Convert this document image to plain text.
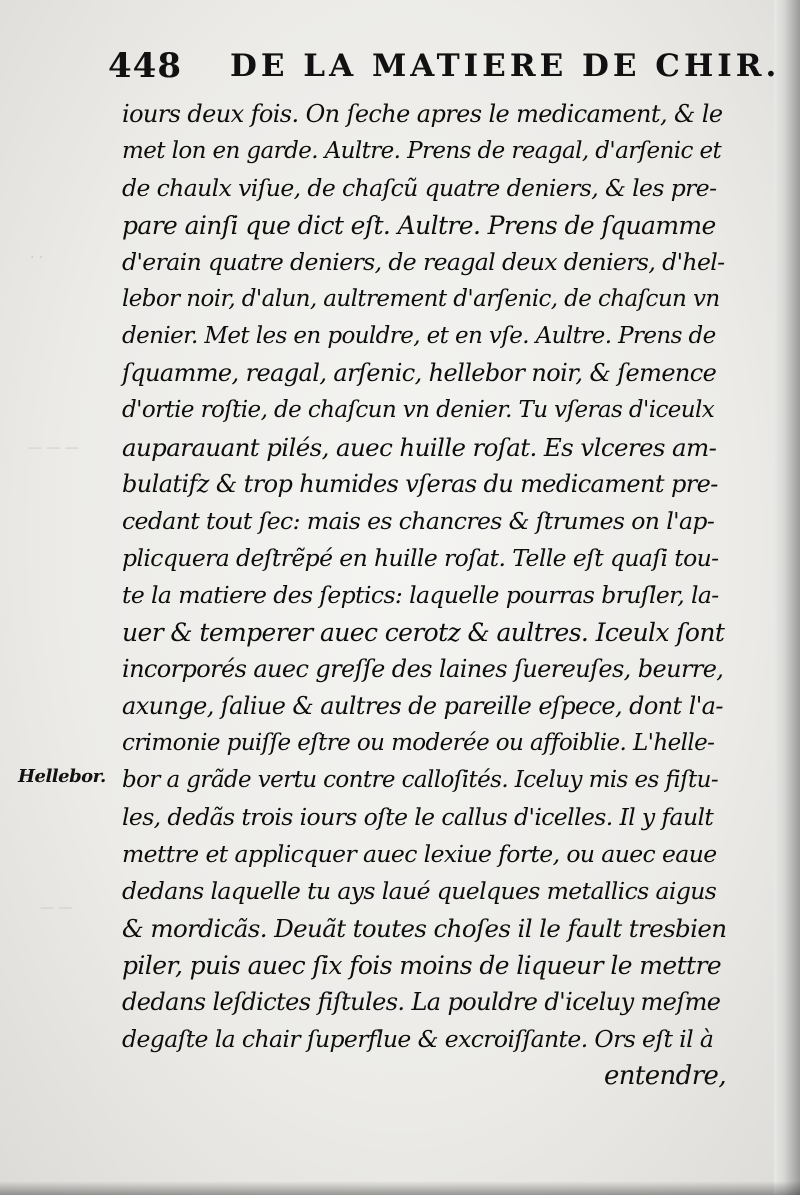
· ·
— — —
— —
448 DE LA MATIERE DE CHIR.
Hellebor.
iours deux fois. On ſeche apres le medicament, & le
met lon en garde. Aultre. Prens de reagal, d'arſenic et
de chaulx viſue, de chaſcũ quatre deniers, & les pre-
pare ainſi que dict eſt. Aultre. Prens de ſquamme
d'erain quatre deniers, de reagal deux deniers, d'hel-
lebor noir, d'alun, aultrement d'arſenic, de chaſcun vn
denier. Met les en pouldre, et en vſe. Aultre. Prens de
ſquamme, reagal, arſenic, hellebor noir, & ſemence
d'ortie roſtie, de chaſcun vn denier. Tu vſeras d'iceulx
auparauant pilés, auec huille roſat. Es vlceres am-
bulatifz & trop humides vſeras du medicament pre-
cedant tout ſec: mais es chancres & ſtrumes on l'ap-
plicquera deſtrẽpé en huille roſat. Telle eſt quaſi tou-
te la matiere des ſeptics: laquelle pourras bruſler, la-
uer & temperer auec cerotz & aultres. Iceulx ſont
incorporés auec greſſe des laines ſuereuſes, beurre,
axunge, ſaliue & aultres de pareille eſpece, dont l'a-
crimonie puiſſe eſtre ou moderée ou affoiblie. L'helle-
bor a grãde vertu contre calloſités. Iceluy mis es fiſtu-
les, dedãs trois iours oſte le callus d'icelles. Il y fault
mettre et applicquer auec lexiue forte, ou auec eaue
dedans laquelle tu ays laué quelques metallics aigus
& mordicãs. Deuãt toutes choſes il le fault tresbien
piler, puis auec ſix fois moins de liqueur le mettre
dedans leſdictes fiſtules. La pouldre d'iceluy meſme
degaſte la chair ſuperflue & excroiſſante. Ors eſt il à
entendre,
